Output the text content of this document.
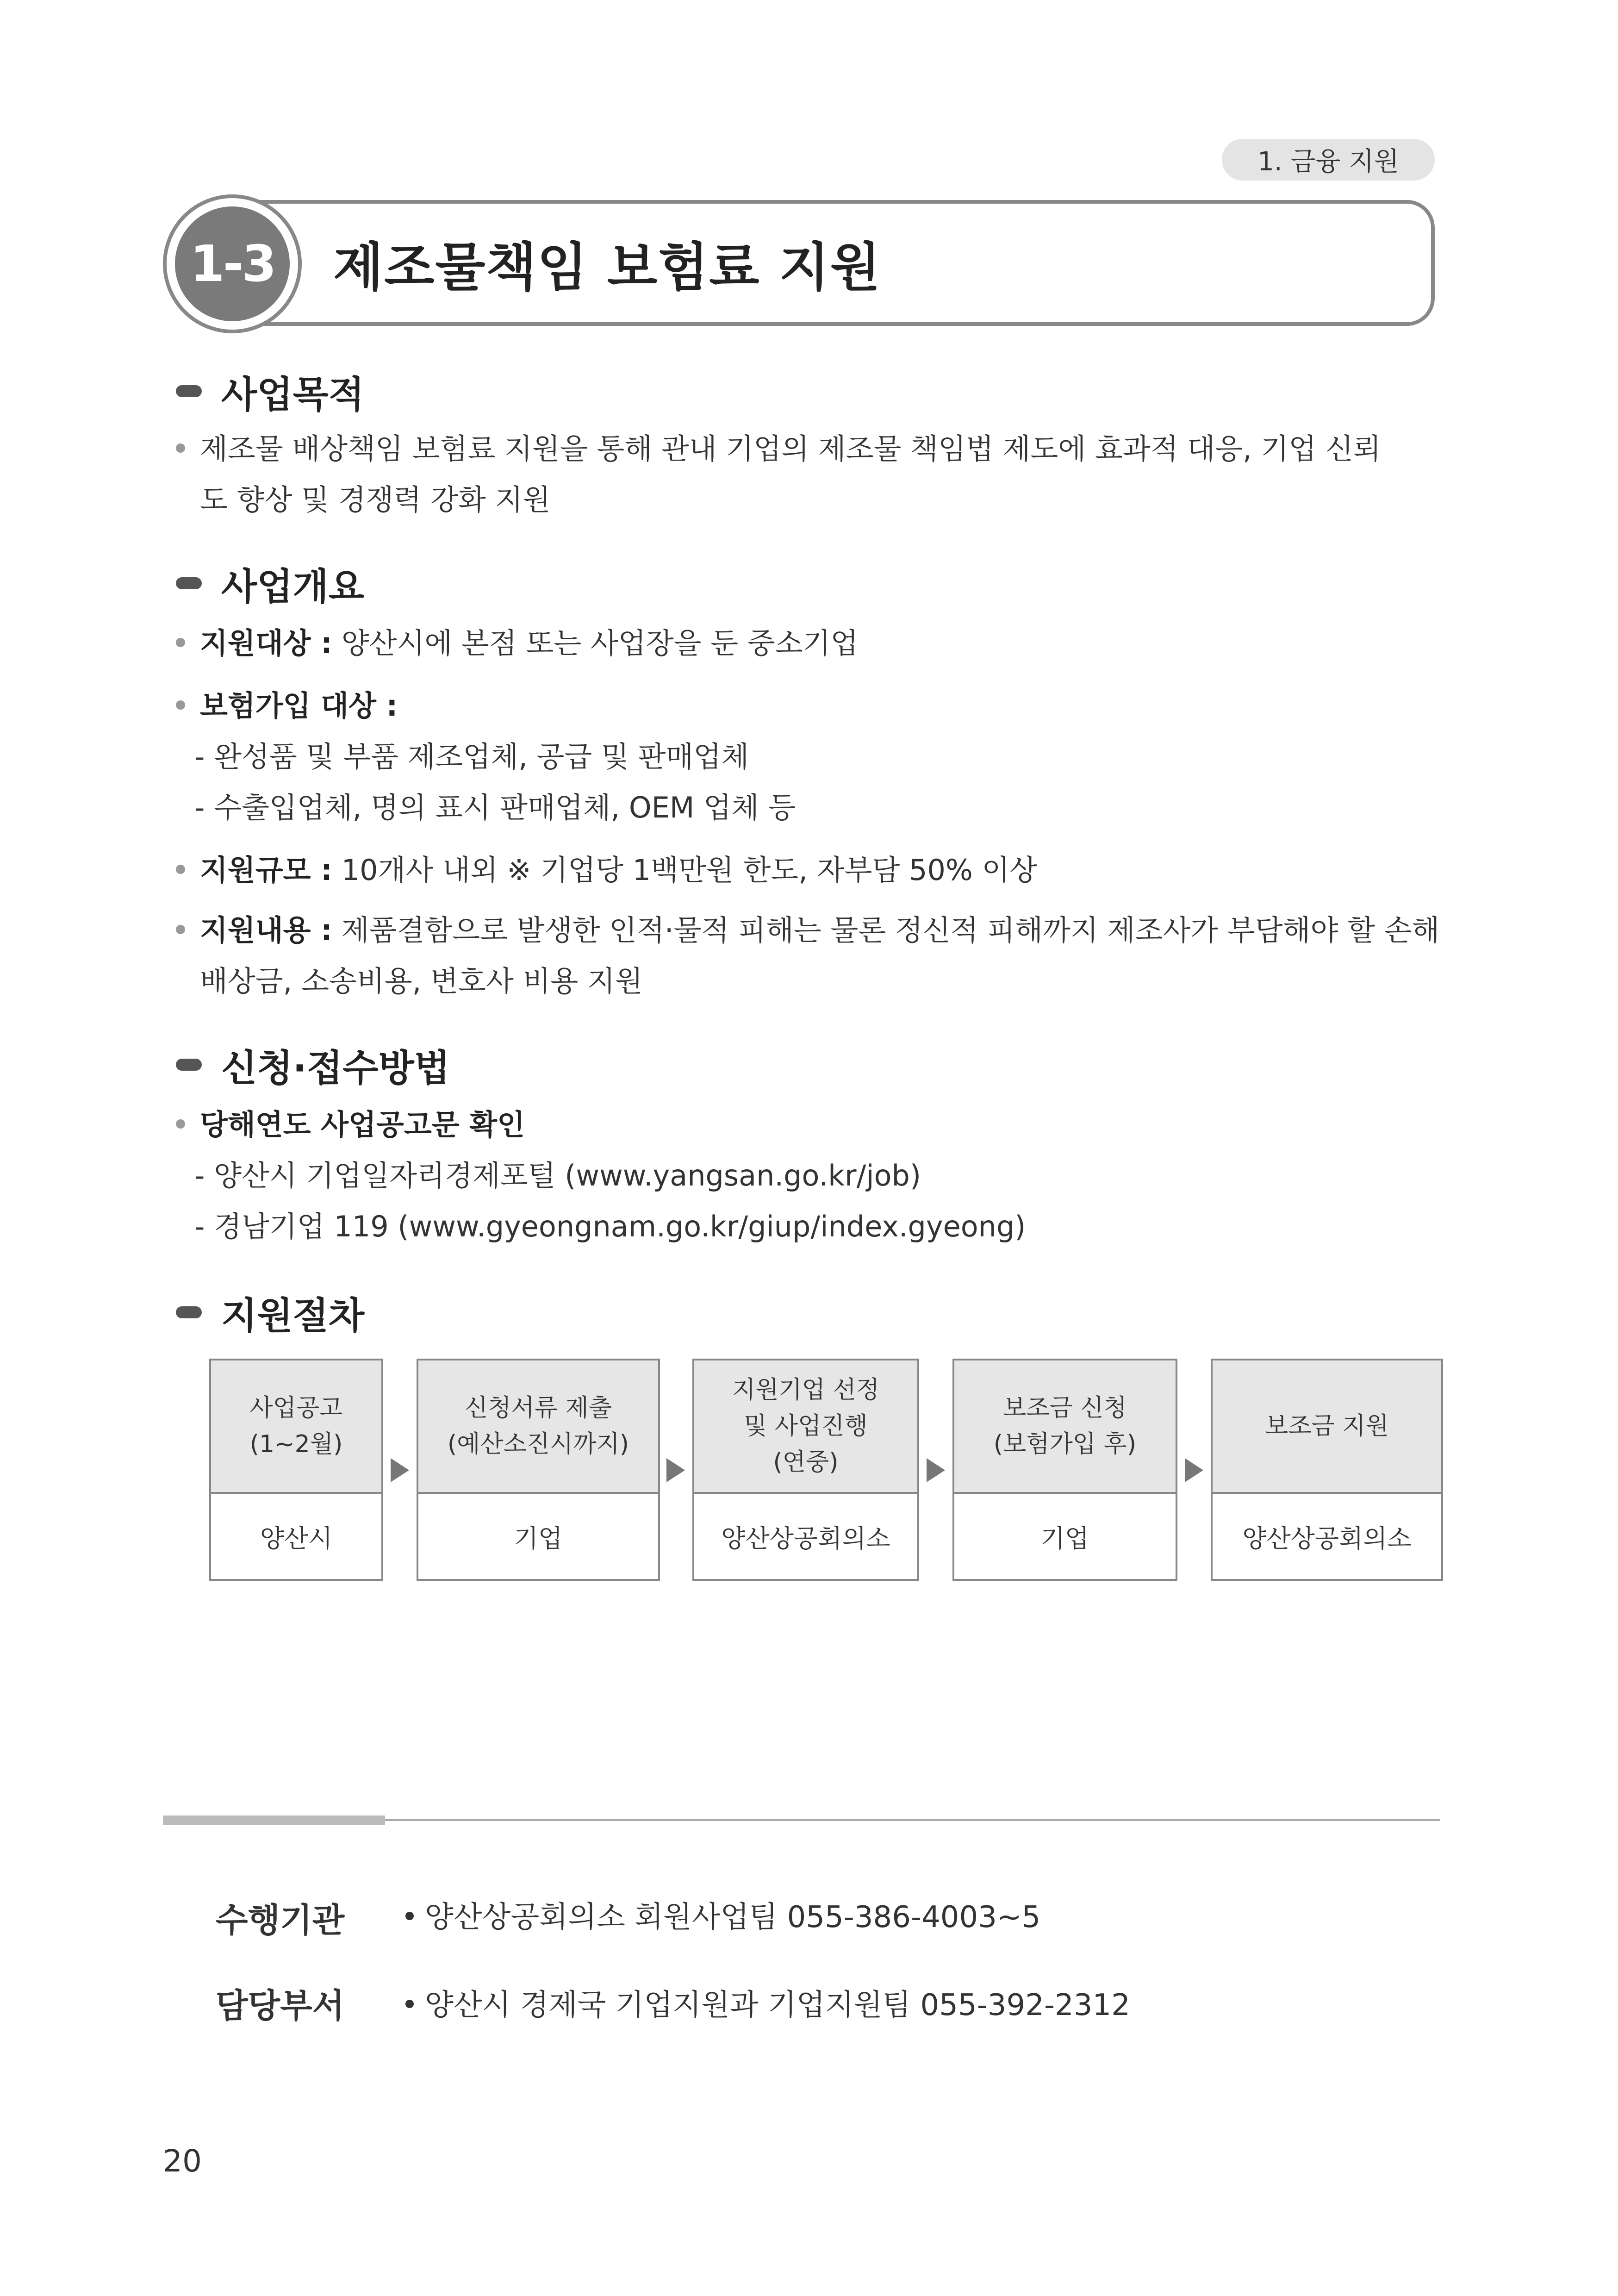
1. 금융 지원
1-3 제조물책임 보험료 지원
사업목적
제조물 배상책임 보험료 지원을 통해 관내 기업의 제조물 책임법 제도에 효과적 대응, 기업 신뢰
도 향상 및 경쟁력 강화 지원
사업개요
지원대상 : 양산시에 본점 또는 사업장을 둔 중소기업
보험가입 대상 :
- 완성품 및 부품 제조업체, 공급 및 판매업체
- 수출입업체, 명의 표시 판매업체, OEM 업체 등
지원규모 : 10개사 내외 ※ 기업당 1백만원 한도, 자부담 50% 이상
지원내용 : 제품결함으로 발생한 인적·물적 피해는 물론 정신적 피해까지 제조사가 부담해야 할 손해
배상금, 소송비용, 변호사 비용 지원
신청·접수방법
당해연도 사업공고문 확인
- 양산시 기업일자리경제포털 (www.yangsan.go.kr/job)
- 경남기업 119 (www.gyeongnam.go.kr/giup/index.gyeong)
지원절차
사업공고
(1~2월)
양산시
신청서류 제출
(예산소진시까지)
기업
지원기업 선정
및 사업진행
(연중)
양산상공회의소
보조금 신청
(보험가입 후)
기업
보조금 지원
양산상공회의소
수행기관	양산상공회의소 회원사업팀 055-386-4003~5
담당부서	양산시 경제국 기업지원과 기업지원팀 055-392-2312
20
